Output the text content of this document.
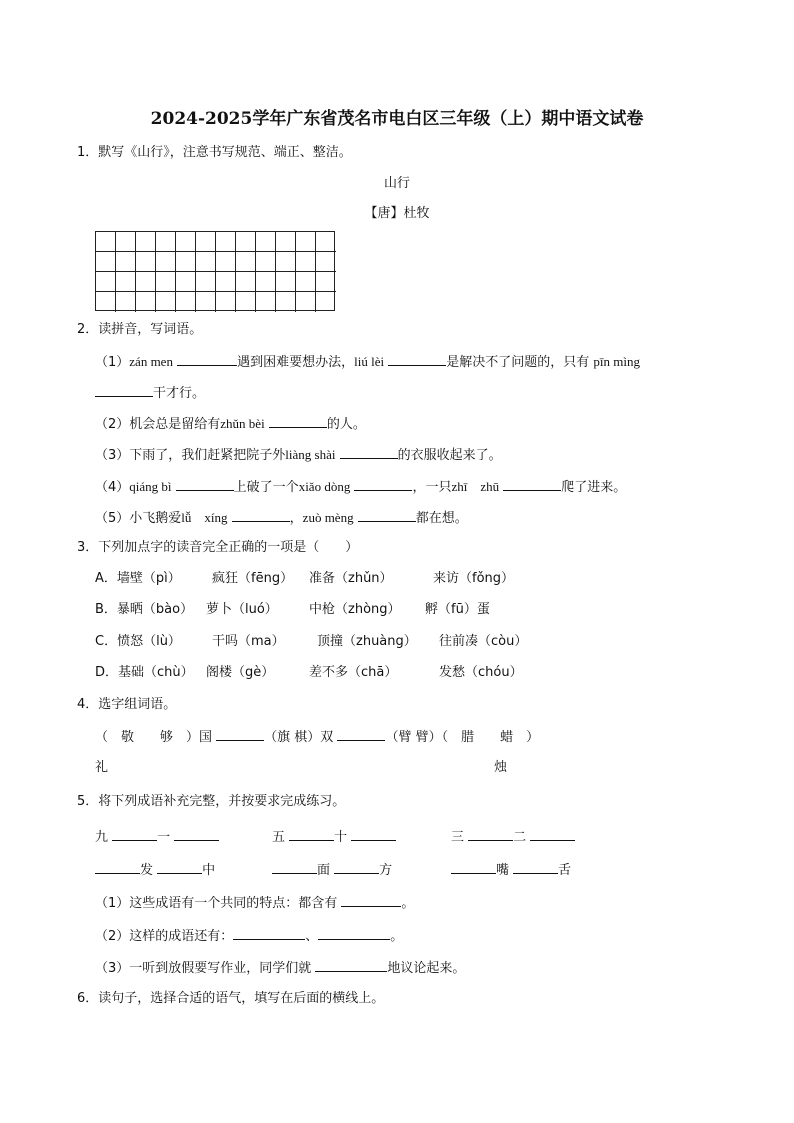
2024-2025学年广东省茂名市电白区三年级（上）期中语文试卷
1．默写《山行》，注意书写规范、端正、整洁。
山行
【唐】杜牧
2．读拼音，写词语。
（1）zán men	遇到困难要想办法，liú lèi	是解决不了问题的，只有 pīn mìng
干才行。
（2）机会总是留给有zhǔn bèi	的人。
（3）下雨了，我们赶紧把院子外liàng shài	的衣服收起来了。
（4）qiáng bì	上破了一个xiǎo dòng	，一只zhī　zhū	爬了进来。
（5）小飞鹅爱lǚ　xíng	，zuò mèng	都在想。
3．下列加点字的读音完全正确的一项是（　　）
A．墙壁（pì） 疯狂（fēng） 准备（zhǔn）	来访（fǒng）
B．暴晒（bào） 萝卜（luó） 中枪（zhòng） 孵（fū）蛋
C．愤怒（lù） 干吗（ma） 顶撞（zhuàng） 往前凑（còu）
D．基础（chù） 阁楼（gè）	差不多（chā）	发愁（chóu）
4．选字组词语。
（　敬　　够　）国	（旗 棋）双	（臂 臂）（　腊　　蜡　）
礼	烛
5．将下列成语补充完整，并按要求完成练习。
九	一	五	十	三	二
发	中	面	方	嘴	舌
（1）这些成语有一个共同的特点：都含有	。
（2）这样的成语还有：	、	。
（3）一听到放假要写作业，同学们就	地议论起来。
6．读句子，选择合适的语气，填写在后面的横线上。
